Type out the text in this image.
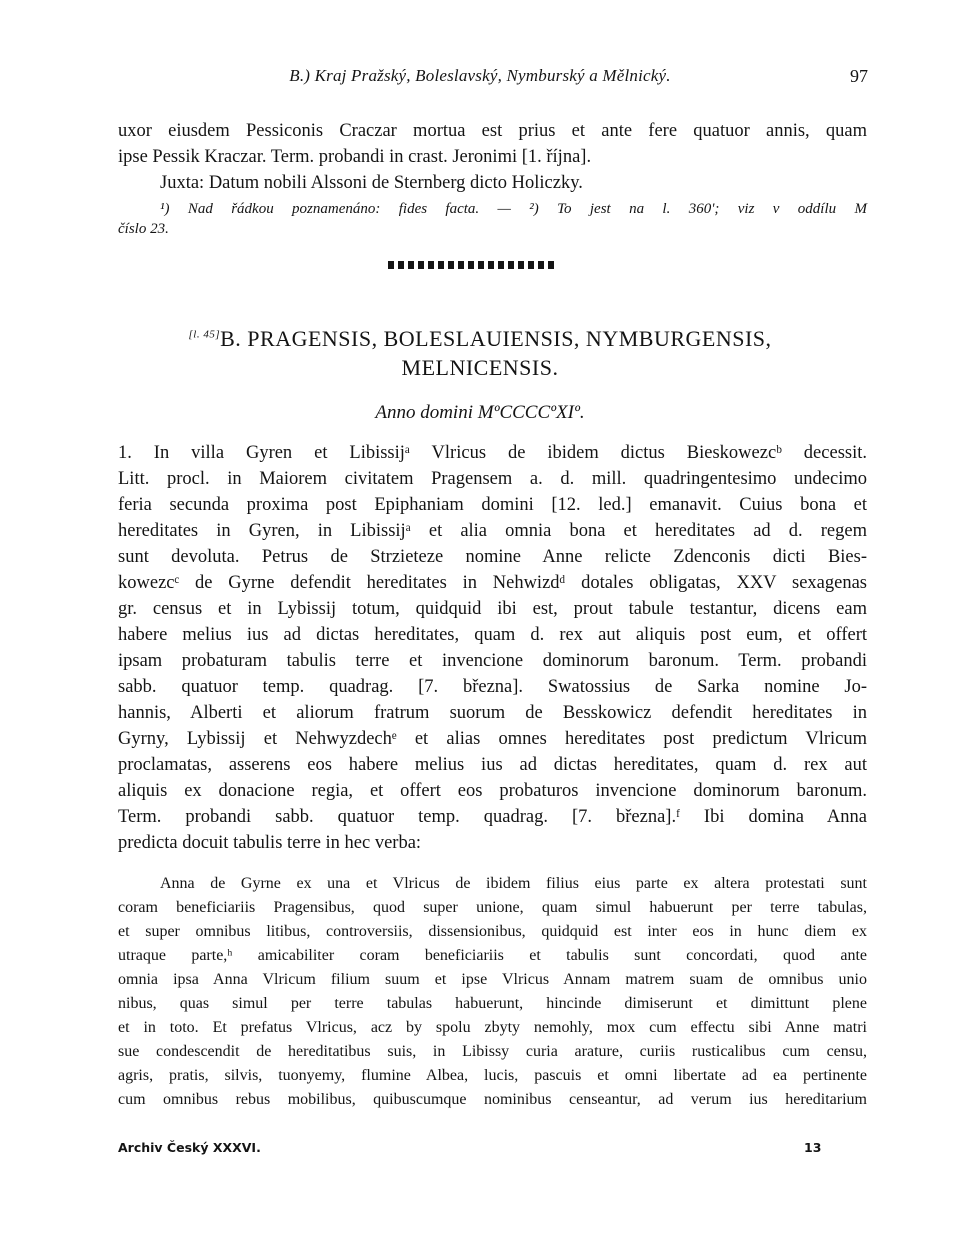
B.) Kraj Pražský, Boleslavský, Nymburský a Mělnický.	97
uxor eiusdem Pessiconis Craczar mortua est prius et ante fere quatuor annis, quam
ipse Pessik Kraczar. Term. probandi in crast. Jeronimi [1. října].
Juxta: Datum nobili Alssoni de Sternberg dicto Holiczky.
¹) Nad řádkou poznamenáno: fides facta. — ²) To jest na l. 360'; viz v oddílu M
číslo 23.
[l. 45]B. PRAGENSIS, BOLESLAUIENSIS, NYMBURGENSIS,
MELNICENSIS.
Anno domini MºCCCCºXIº.
1. In villa Gyren et Libissijᵃ Vlricus de ibidem dictus Bieskowezcᵇ decessit.
Litt. procl. in Maiorem civitatem Pragensem a. d. mill. quadringentesimo undecimo
feria secunda proxima post Epiphaniam domini [12. led.] emanavit. Cuius bona et
hereditates in Gyren, in Libissijᵃ et alia omnia bona et hereditates ad d. regem
sunt devoluta. Petrus de Strzieteze nomine Anne relicte Zdenconis dicti Bies-
kowezcᶜ de Gyrne defendit hereditates in Nehwizdᵈ dotales obligatas, XXV sexagenas
gr. census et in Lybissij totum, quidquid ibi est, prout tabule testantur, dicens eam
habere melius ius ad dictas hereditates, quam d. rex aut aliquis post eum, et offert
ipsam probaturam tabulis terre et invencione dominorum baronum. Term. probandi
sabb. quatuor temp. quadrag. [7. března]. Swatossius de Sarka nomine Jo-
hannis, Alberti et aliorum fratrum suorum de Besskowicz defendit hereditates in
Gyrny, Lybissij et Nehwyzdechᵉ et alias omnes hereditates post predictum Vlricum
proclamatas, asserens eos habere melius ius ad dictas hereditates, quam d. rex aut
aliquis ex donacione regia, et offert eos probaturos invencione dominorum baronum.
Term. probandi sabb. quatuor temp. quadrag. [7. března].ᶠ Ibi domina Anna
predicta docuit tabulis terre in hec verba:
Anna de Gyrne ex una et Vlricus de ibidem filius eius parte ex altera protestati sunt
coram beneficiariis Pragensibus, quod super unione, quam simul habuerunt per terre tabulas,
et super omnibus litibus, controversiis, dissensionibus, quidquid est inter eos in hunc diem ex
utraque parte,ʰ amicabiliter coram beneficiariis et tabulis sunt concordati, quod ante
omnia ipsa Anna Vlricum filium suum et ipse Vlricus Annam matrem suam de omnibus unio
nibus, quas simul per terre tabulas habuerunt, hincinde dimiserunt et dimittunt plene
et in toto. Et prefatus Vlricus, acz by spolu zbyty nemohly, mox cum effectu sibi Anne matri
sue condescendit de hereditatibus suis, in Libissy curia arature, curiis rusticalibus cum censu,
agris, pratis, silvis, tuonyemy, flumine Albea, lucis, pascuis et omni libertate ad ea pertinente
cum omnibus rebus mobilibus, quibuscumque nominibus censeantur, ad verum ius hereditarium
Archiv Český XXXVI.	13
